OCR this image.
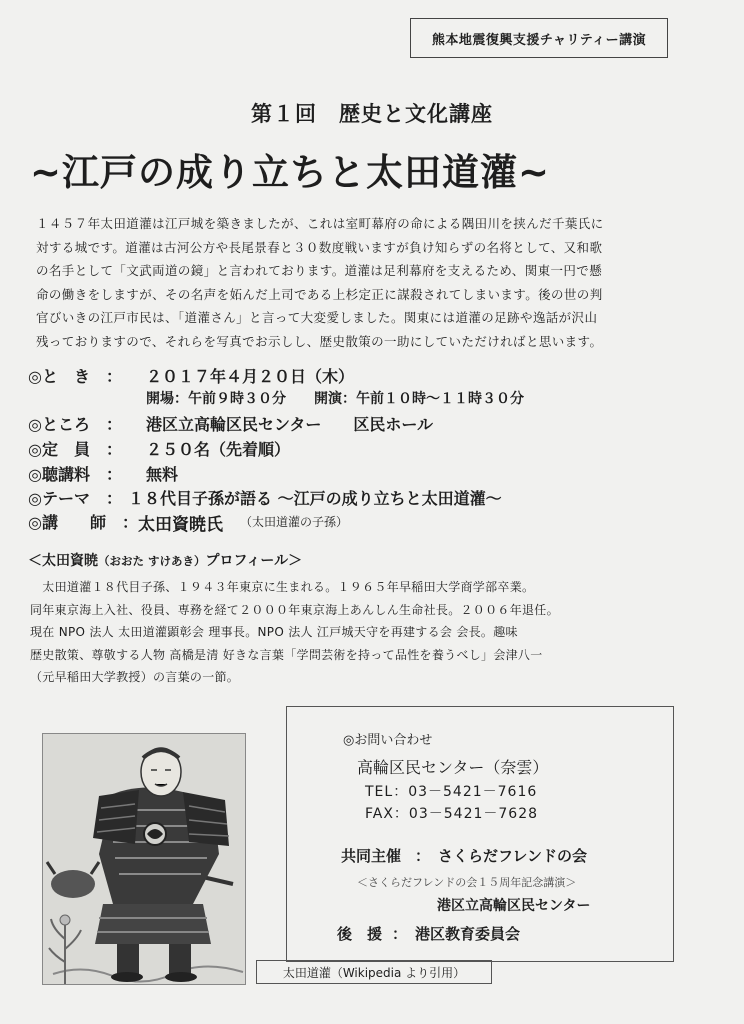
熊本地震復興支援チャリティー講演
第１回　歴史と文化講座
~江戸の成り立ちと太田道灌~
１４５７年太田道灌は江戸城を築きましたが、これは室町幕府の命による隅田川を挟んだ千葉氏に
対する城です。道灌は古河公方や長尾景春と３０数度戦いますが負け知らずの名将として、又和歌
の名手として「文武両道の鏡」と言われております。道灌は足利幕府を支えるため、関東一円で懸
命の働きをしますが、その名声を妬んだ上司である上杉定正に謀殺されてしまいます。後の世の判
官びいきの江戸市民は、「道灌さん」と言って大変愛しました。関東には道灌の足跡や逸話が沢山
残っておりますので、それらを写真でお示しし、歴史散策の一助にしていただければと思います。
◎と　き　： ２０１７年４月２０日（木）
開場：午前９時３０分 開演：午前１０時～１１時３０分
◎ところ　： 港区立高輪区民センター　　区民ホール
◎定　員　： ２５０名（先着順）
◎聴講料　： 無料
◎テーマ　： １８代目子孫が語る ～江戸の成り立ちと太田道灌～
◎講　　師　： 太田資暁氏 （太田道灌の子孫）
＜太田資暁（おおた すけあき）プロフィール＞

　太田道灌１８代目子孫、１９４３年東京に生まれる。１９６５年早稲田大学商学部卒業。

同年東京海上入社、役員、専務を経て２０００年東京海上あんしん生命社長。２００６年退任。

現在 NPO 法人 太田道灌顕彰会 理事長。NPO 法人 江戸城天守を再建する会 会長。趣味

歴史散策、尊敬する人物 高橋是清 好きな言葉「学問芸術を持って品性を養うべし」会津八一

（元早稲田大学教授）の言葉の一節。

太田道灌（Wikipedia より引用）
◎お問い合わせ
高輪区民センター（奈雲）
TEL：03－5421－7616
FAX：03－5421－7628
共同主催 ： さくらだフレンドの会
＜さくらだフレンドの会１５周年記念講演＞
港区立高輪区民センター
後　援 ： 港区教育委員会
